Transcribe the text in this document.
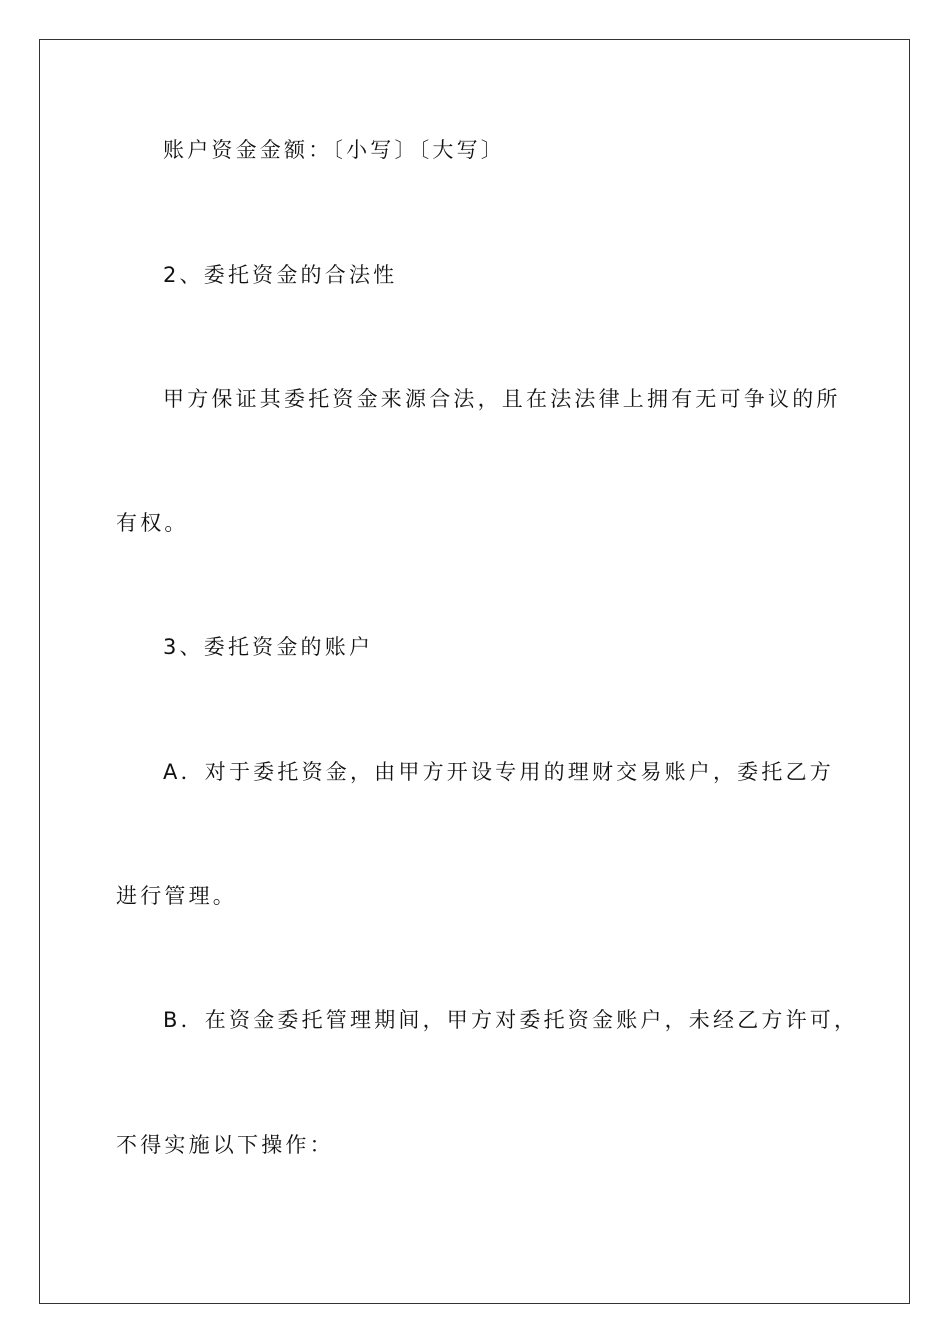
账户资金金额：〔小写〕〔大写〕
2、委托资金的合法性
甲方保证其委托资金来源合法，且在法法律上拥有无可争议的所
有权。
3、委托资金的账户
A．对于委托资金，由甲方开设专用的理财交易账户，委托乙方
进行管理。
B．在资金委托管理期间，甲方对委托资金账户，未经乙方许可，
不得实施以下操作：
